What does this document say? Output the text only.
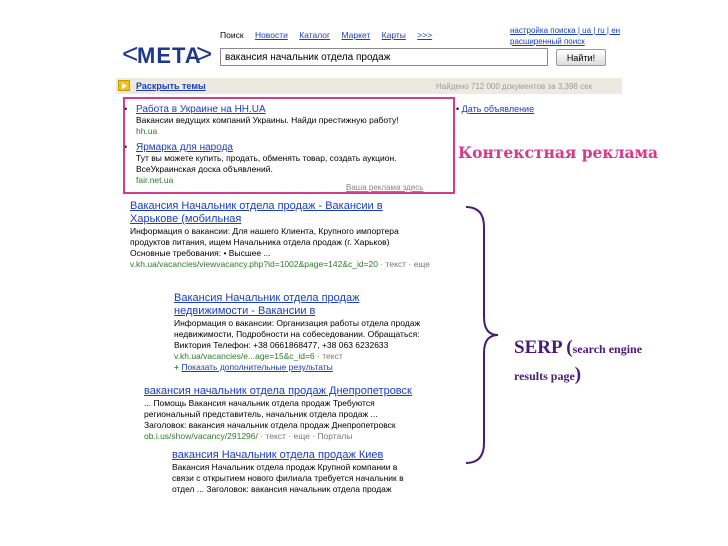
<
META
>
Поиск Новости Каталог Маркет Карты >>>	настройка поиска | ua | ru | ен
расширенный поиск
вакансия начальник отдела продаж	Найти!
Раскрыть темы	Найдено 712 000 документов за 3,398 сек
• Работа в Украине на HH.UA
Вакансии ведущих компаний Украины. Найди престижную работу!
hh.ua
• Ярмарка для народа
Тут вы можете купить, продать, обменять товар, создать аукцион.
ВсеУкраинская доска объявлений.
fair.net.ua
• Дать объявление
Ваша реклама здесь
Вакансия Начальник отдела продаж - Вакансии в
Харькове (мобильная
Информация о вакансии: Для нашего Клиента, Крупного импортера
продуктов питания, ищем Начальника отдела продаж (г. Харьков)
Основные требования: • Высшее ...
v.kh.ua/vacancies/viewvacancy.php?id=1002&page=142&c_id=20 · текст · еще
Вакансия Начальник отдела продаж
недвижимости - Вакансии в
Информация о вакансии: Организация работы отдела продаж
недвижимости, Подробности на собеседовании. Обращаться:
Виктория Телефон: +38 0661868477, +38 063 6232633
v.kh.ua/vacancies/e...age=15&c_id=6 · текст
+ Показать дополнительные результаты
вакансия начальник отдела продаж Днепропетровск
... Помощь Вакансия начальник отдела продаж Требуются
региональный представитель, начальник отдела продаж ...
Заголовок: вакансия начальник отдела продаж Днепропетровск
ob.i.us/show/vacancy/291296/ · текст · еще · Порталы
вакансия Начальник отдела продаж Киев
Вакансия Начальник отдела продаж Крупной компании в
связи с открытием нового филиала требуется начальник в
отдел ... Заголовок: вакансия начальник отдела продаж
Контекстная реклама
SERP (search engine
results page)
